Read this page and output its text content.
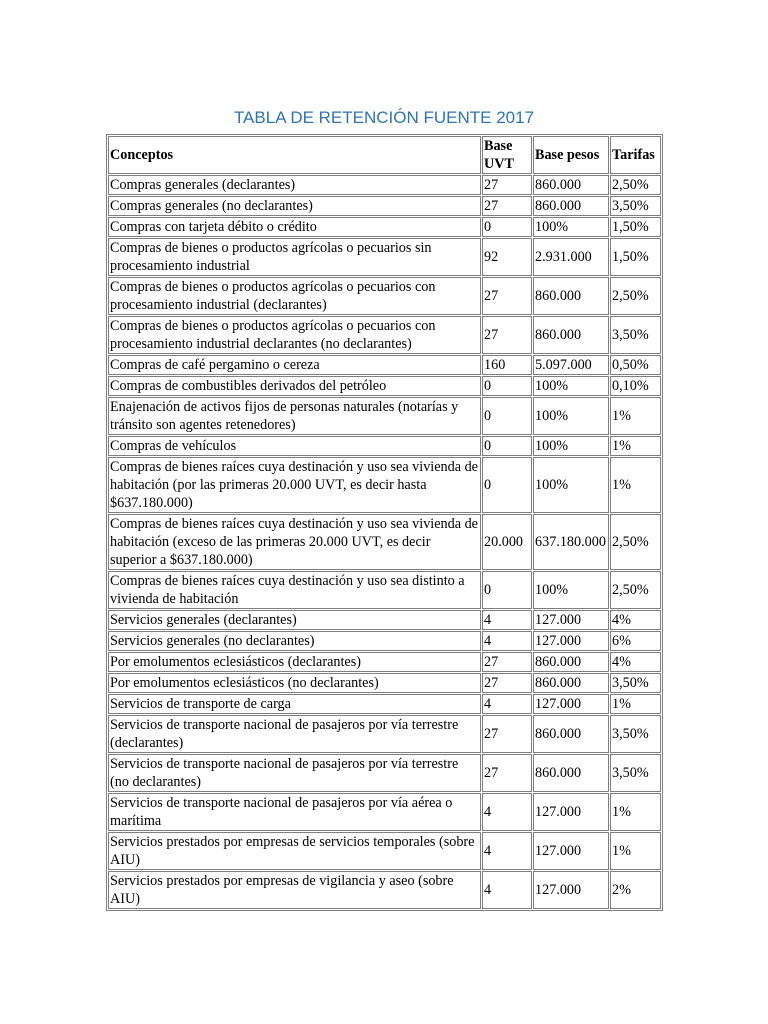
TABLA DE RETENCIÓN FUENTE 2017
Conceptos	Base UVT	Base pesos	Tarifas
Compras generales (declarantes)	27	860.000	2,50%
Compras generales (no declarantes)	27	860.000	3,50%
Compras con tarjeta débito o crédito	0	100%	1,50%
Compras de bienes o productos agrícolas o pecuarios sin procesamiento industrial	92	2.931.000	1,50%
Compras de bienes o productos agrícolas o pecuarios con procesamiento industrial (declarantes)	27	860.000	2,50%
Compras de bienes o productos agrícolas o pecuarios con procesamiento industrial declarantes (no declarantes)	27	860.000	3,50%
Compras de café pergamino o cereza	160	5.097.000	0,50%
Compras de combustibles derivados del petróleo	0	100%	0,10%
Enajenación de activos fijos de personas naturales (notarías y tránsito son agentes retenedores)	0	100%	1%
Compras de vehículos	0	100%	1%
Compras de bienes raíces cuya destinación y uso sea vivienda de habitación (por las primeras 20.000 UVT, es decir hasta $637.180.000)	0	100%	1%
Compras de bienes raíces cuya destinación y uso sea vivienda de habitación (exceso de las primeras 20.000 UVT, es decir superior a $637.180.000)	20.000	637.180.000	2,50%
Compras de bienes raíces cuya destinación y uso sea distinto a vivienda de habitación	0	100%	2,50%
Servicios generales (declarantes)	4	127.000	4%
Servicios generales (no declarantes)	4	127.000	6%
Por emolumentos eclesiásticos (declarantes)	27	860.000	4%
Por emolumentos eclesiásticos (no declarantes)	27	860.000	3,50%
Servicios de transporte de carga	4	127.000	1%
Servicios de transporte nacional de pasajeros por vía terrestre (declarantes)	27	860.000	3,50%
Servicios de transporte nacional de pasajeros por vía terrestre (no declarantes)	27	860.000	3,50%
Servicios de transporte nacional de pasajeros por vía aérea o marítima	4	127.000	1%
Servicios prestados por empresas de servicios temporales (sobre AIU)	4	127.000	1%
Servicios prestados por empresas de vigilancia y aseo (sobre AIU)	4	127.000	2%
